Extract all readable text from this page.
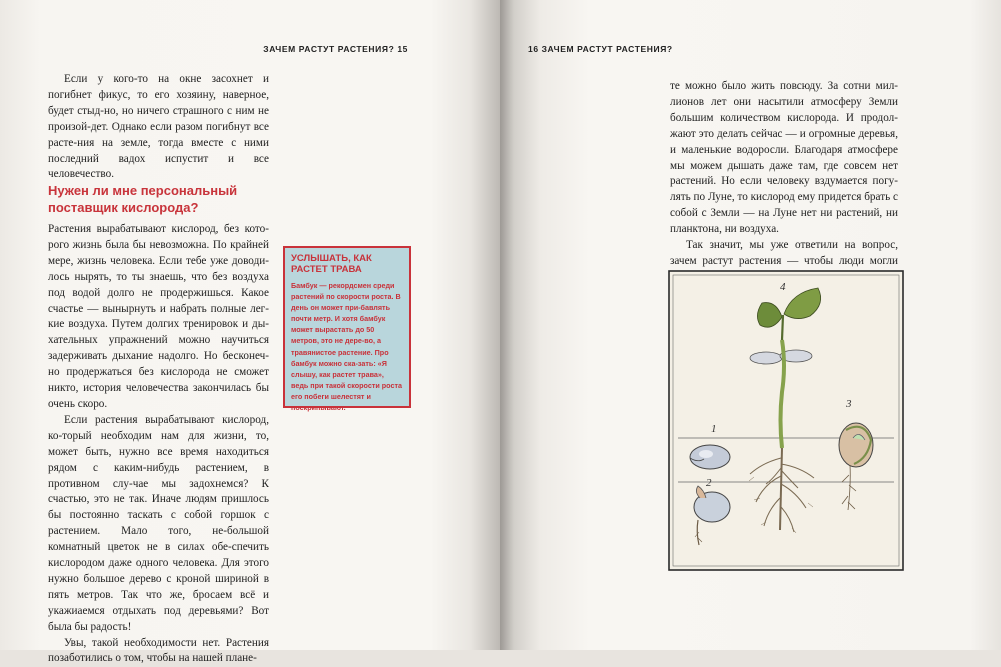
ЗАЧЕМ РАСТУТ РАСТЕНИЯ? 15

Если у кого-то на окне засохнет и погибнет фикус, то его хозяину, наверное, будет стыд-но, но ничего страшного с ним не произой-дет. Однако если разом погибнут все расте-ния на земле, тогда вместе с ними последний вадох испустит и все человечество.

Нужен ли мне персональный поставщик кислорода?

Растения вырабатывают кислород, без кото-рого жизнь была бы невозможна. По крайней мере, жизнь человека. Если тебе уже доводи-лось нырять, то ты знаешь, что без воздуха под водой долго не продержишься. Какое счастье — вынырнуть и набрать полные лег-кие воздуха. Путем долгих тренировок и ды-хательных упражнений можно научиться задерживать дыхание надолго. Но бесконеч-но продержаться без кислорода не сможет никто, история человечества закончилась бы очень скоро.

Если растения вырабатывают кислород, ко-торый необходим нам для жизни, то, может быть, нужно все время находиться рядом с каким-нибудь растением, в противном слу-чае мы задохнемся? К счастью, это не так. Иначе людям пришлось бы постоянно таскать с собой горшок с растением. Мало того, не-большой комнатный цветок не в силах обе-спечить кислородом даже одного человека. Для этого нужно большое дерево с кроной шириной в пять метров. Так что же, бросаем всё и укажиаемся отдыхать под деревьями? Вот была бы радость!

Увы, такой необходимости нет. Растения позаботились о том, чтобы на нашей плане-

УСЛЫШАТЬ, КАК РАСТЕТ ТРАВА
Бамбук — рекордсмен среди растений по скорости роста. В день он может при-бавлять почти метр. И хотя бамбук может вырастать до 50 метров, это не дере-во, а травянистое растение. Про бамбук можно ска-зать: «Я слышу, как растет трава», ведь при такой скорости роста его побеги шелестят и поскрипывают.
16 ЗАЧЕМ РАСТУТ РАСТЕНИЯ?

те можно было жить повсюду. За сотни мил-лионов лет они насытили атмосферу Земли большим количеством кислорода. И продол-жают это делать сейчас — и огромные деревья, и маленькие водоросли. Благодаря атмосфере мы можем дышать даже там, где совсем нет растений. Но если человеку вздумается погу-лять по Луне, то кислород ему придется брать с собой с Земли — на Луне нет ни растений, ни планктона, ни воздуха.

Так значит, мы уже ответили на вопрос, зачем растут растения — чтобы люди могли

1
2
3
4
